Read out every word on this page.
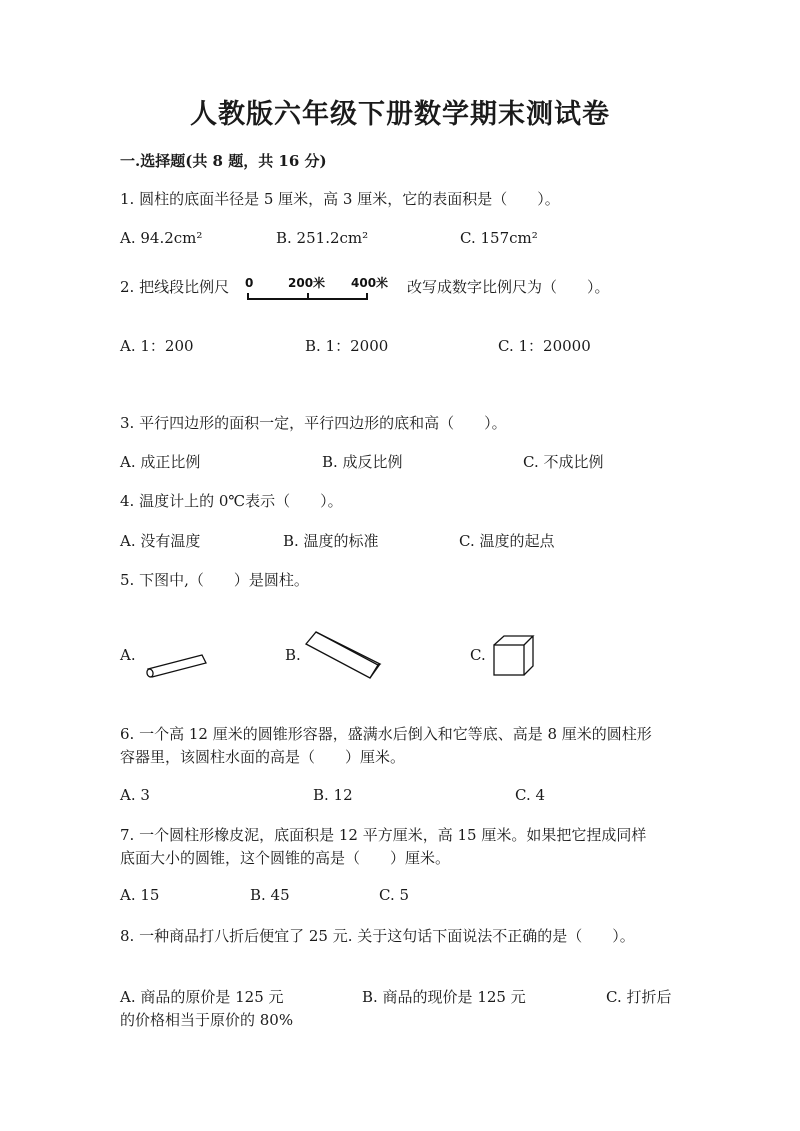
人教版六年级下册数学期末测试卷
一.选择题(共 8 题，共 16 分)
1. 圆柱的底面半径是 5 厘米，高 3 厘米，它的表面积是（　　）。
A. 94.2cm²	B. 251.2cm²	C. 157cm²
2. 把线段比例尺 0	200米 400米 改写成数字比例尺为（　　）。
A. 1：200	B. 1：2000	C. 1：20000
3. 平行四边形的面积一定，平行四边形的底和高（　　）。
A. 成正比例	B. 成反比例	C. 不成比例
4. 温度计上的 0℃表示（　　）。
A. 没有温度	B. 温度的标准	C. 温度的起点
5. 下图中,（　　）是圆柱。
A.	B.	C.
6. 一个高 12 厘米的圆锥形容器，盛满水后倒入和它等底、高是 8 厘米的圆柱形
容器里，该圆柱水面的高是（　　）厘米。
A. 3	B. 12	C. 4
7. 一个圆柱形橡皮泥，底面积是 12 平方厘米，高 15 厘米。如果把它捏成同样
底面大小的圆锥，这个圆锥的高是（　　）厘米。
A. 15	B. 45	C. 5
8. 一种商品打八折后便宜了 25 元. 关于这句话下面说法不正确的是（　　）。
A. 商品的原价是 125 元	B. 商品的现价是 125 元	C. 打折后
的价格相当于原价的 80%
